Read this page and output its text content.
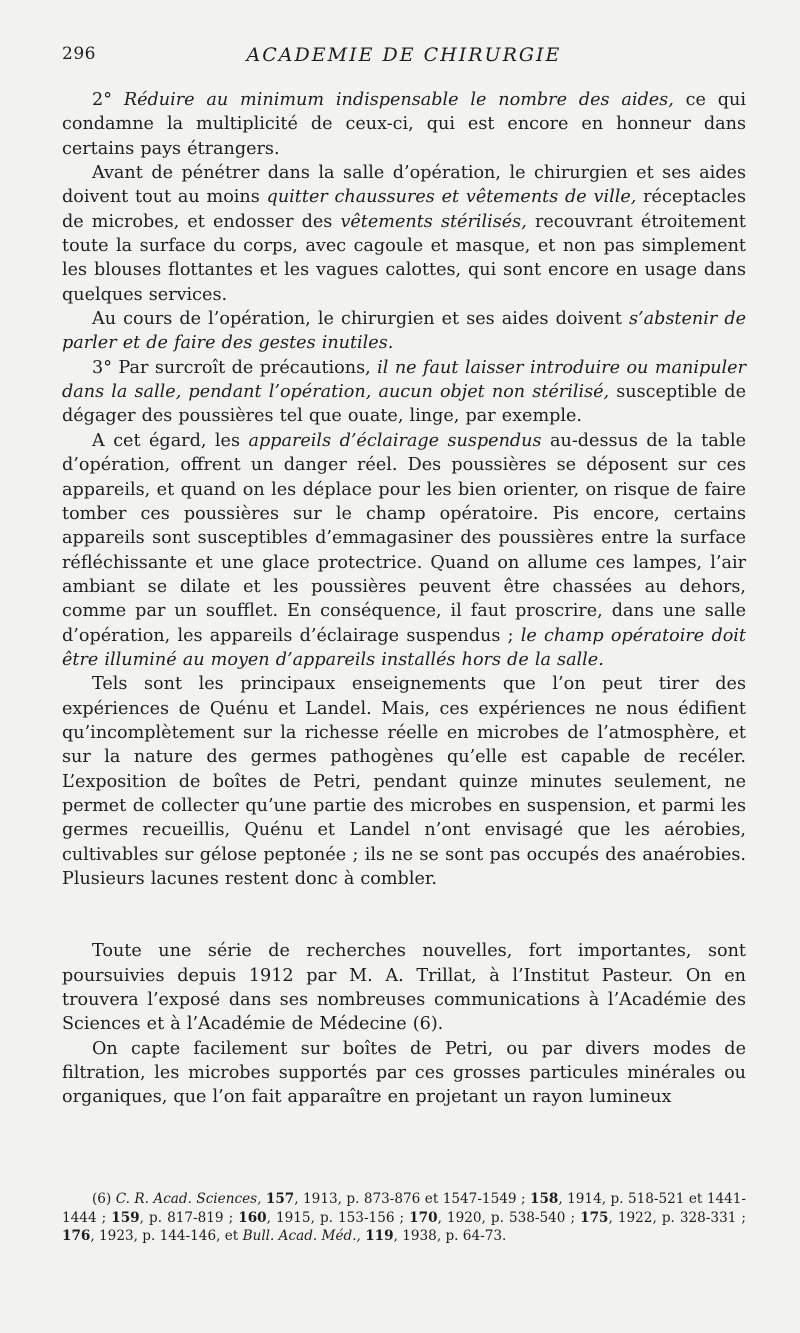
296	ACADEMIE DE CHIRURGIE

2° Réduire au minimum indispensable le nombre des aides, ce qui condamne la multiplicité de ceux-ci, qui est encore en honneur dans certains pays étrangers.

Avant de pénétrer dans la salle d’opération, le chirurgien et ses aides doivent tout au moins quitter chaussures et vêtements de ville, réceptacles de microbes, et endosser des vêtements stérilisés, recouvrant étroitement toute la surface du corps, avec cagoule et masque, et non pas simplement les blouses flottantes et les vagues calottes, qui sont encore en usage dans quelques services.

Au cours de l’opération, le chirurgien et ses aides doivent s’abstenir de parler et de faire des gestes inutiles.

3° Par surcroît de précautions, il ne faut laisser introduire ou manipuler dans la salle, pendant l’opération, aucun objet non stérilisé, susceptible de dégager des poussières tel que ouate, linge, par exemple.

A cet égard, les appareils d’éclairage suspendus au-dessus de la table d’opération, offrent un danger réel. Des poussières se déposent sur ces appareils, et quand on les déplace pour les bien orienter, on risque de faire tomber ces poussières sur le champ opératoire. Pis encore, certains appareils sont susceptibles d’emmagasiner des poussières entre la surface réfléchissante et une glace protectrice. Quand on allume ces lampes, l’air ambiant se dilate et les poussières peuvent être chassées au dehors, comme par un soufflet. En conséquence, il faut proscrire, dans une salle d’opération, les appareils d’éclairage suspendus ; le champ opératoire doit être illuminé au moyen d’appareils installés hors de la salle.

Tels sont les principaux enseignements que l’on peut tirer des expériences de Quénu et Landel. Mais, ces expériences ne nous édifient qu’incomplètement sur la richesse réelle en microbes de l’atmosphère, et sur la nature des germes pathogènes qu’elle est capable de recéler. L’exposition de boîtes de Petri, pendant quinze minutes seulement, ne permet de collecter qu’une partie des microbes en suspension, et parmi les germes recueillis, Quénu et Landel n’ont envisagé que les aérobies, cultivables sur gélose peptonée ; ils ne se sont pas occupés des anaérobies. Plusieurs lacunes restent donc à combler.

Toute une série de recherches nouvelles, fort importantes, sont poursuivies depuis 1912 par M. A. Trillat, à l’Institut Pasteur. On en trouvera l’exposé dans ses nombreuses communications à l’Académie des Sciences et à l’Académie de Médecine (6).

On capte facilement sur boîtes de Petri, ou par divers modes de filtration, les microbes supportés par ces grosses particules minérales ou organiques, que l’on fait apparaître en projetant un rayon lumineux

(6) C. R. Acad. Sciences, 157, 1913, p. 873-876 et 1547-1549 ; 158, 1914, p. 518-521 et 1441-1444 ; 159, p. 817-819 ; 160, 1915, p. 153-156 ; 170, 1920, p. 538-540 ; 175, 1922, p. 328-331 ; 176, 1923, p. 144-146, et Bull. Acad. Méd., 119, 1938, p. 64-73.
